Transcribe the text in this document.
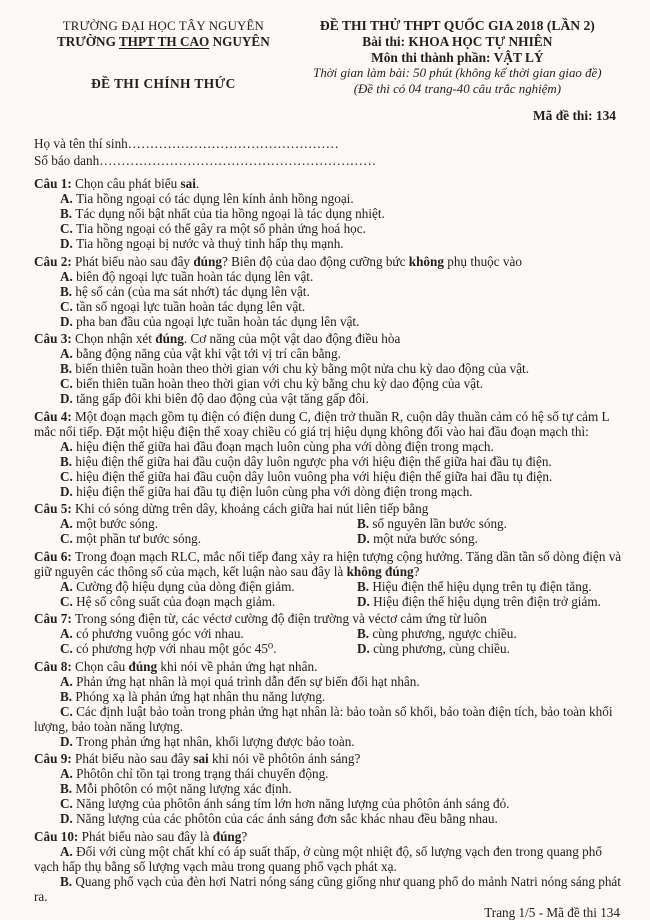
TRƯỜNG ĐẠI HỌC TÂY NGUYÊN
TRƯỜNG THPT TH CAO NGUYÊN
ĐỀ THI CHÍNH THỨC
ĐỀ THI THỬ THPT QUỐC GIA 2018 (LẦN 2)
Bài thi: KHOA HỌC TỰ NHIÊN
Môn thi thành phần: VẬT LÝ
Thời gian làm bài: 50 phút (không kể thời gian giao đề)
(Đề thi có 04 trang-40 câu trắc nghiệm)
Mã đề thi: 134
Họ và tên thí sinh…………………………………………
Số báo danh………………………………………………………
Câu 1: Chọn câu phát biểu sai.
A. Tia hồng ngoại có tác dụng lên kính ảnh hồng ngoại.
B. Tác dụng nổi bật nhất của tia hồng ngoại là tác dụng nhiệt.
C. Tia hồng ngoại có thể gây ra một số phản ứng hoá học.
D. Tia hồng ngoại bị nước và thuỷ tinh hấp thụ mạnh.
Câu 2: Phát biểu nào sau đây đúng? Biên độ của dao động cưỡng bức không phụ thuộc vào
A. biên độ ngoại lực tuần hoàn tác dụng lên vật.
B. hệ số cản (của ma sát nhớt) tác dụng lên vật.
C. tần số ngoại lực tuần hoàn tác dụng lên vật.
D. pha ban đầu của ngoại lực tuần hoàn tác dụng lên vật.
Câu 3: Chọn nhận xét đúng. Cơ năng của một vật dao động điều hòa
A. bằng động năng của vật khi vật tới vị trí cân bằng.
B. biến thiên tuần hoàn theo thời gian với chu kỳ bằng một nửa chu kỳ dao động của vật.
C. biến thiên tuần hoàn theo thời gian với chu kỳ bằng chu kỳ dao động của vật.
D. tăng gấp đôi khi biên độ dao động của vật tăng gấp đôi.
Câu 4: Một đoạn mạch gồm tụ điện có điện dung C, điện trở thuần R, cuộn dây thuần cảm có hệ số tự cảm L mắc nối tiếp. Đặt một hiệu điện thế xoay chiều có giá trị hiệu dụng không đổi vào hai đầu đoạn mạch thì:
A. hiệu điện thế giữa hai đầu đoạn mạch luôn cùng pha với dòng điện trong mạch.
B. hiệu điện thế giữa hai đầu cuộn dây luôn ngược pha với hiệu điện thế giữa hai đầu tụ điện.
C. hiệu điện thế giữa hai đầu cuộn dây luôn vuông pha với hiệu điện thế giữa hai đầu tụ điện.
D. hiệu điện thế giữa hai đầu tụ điện luôn cùng pha với dòng điện trong mạch.
Câu 5: Khi có sóng dừng trên dây, khoảng cách giữa hai nút liên tiếp bằng
A. một bước sóng.	B. số nguyên lần bước sóng.
C. một phần tư bước sóng.	D. một nửa bước sóng.
Câu 6: Trong đoạn mạch RLC, mắc nối tiếp đang xảy ra hiện tượng cộng hưởng. Tăng dần tần số dòng điện và giữ nguyên các thông số của mạch, kết luận nào sau đây là không đúng?
A. Cường độ hiệu dụng của dòng điện giảm.	B. Hiệu điện thế hiệu dụng trên tụ điện tăng.
C. Hệ số công suất của đoạn mạch giảm.	D. Hiệu điện thế hiệu dụng trên điện trở giảm.
Câu 7: Trong sóng điện từ, các véctơ cường độ điện trường và véctơ cảm ứng từ luôn
A. có phương vuông góc với nhau.	B. cùng phương, ngược chiều.
C. có phương hợp với nhau một góc 45⁰.	D. cùng phương, cùng chiều.
Câu 8: Chọn câu đúng khi nói về phản ứng hạt nhân.
A. Phản ứng hạt nhân là mọi quá trình dẫn đến sự biến đổi hạt nhân.
B. Phóng xạ là phản ứng hạt nhân thu năng lượng.
C. Các định luật bảo toàn trong phản ứng hạt nhân là: bảo toàn số khối, bảo toàn điện tích, bảo toàn khối lượng, bảo toàn năng lượng.
D. Trong phản ứng hạt nhân, khối lượng được bảo toàn.
Câu 9: Phát biểu nào sau đây sai khi nói về phôtôn ánh sáng?
A. Phôtôn chỉ tồn tại trong trạng thái chuyển động.
B. Mỗi phôtôn có một năng lượng xác định.
C. Năng lượng của phôtôn ánh sáng tím lớn hơn năng lượng của phôtôn ánh sáng đỏ.
D. Năng lượng của các phôtôn của các ánh sáng đơn sắc khác nhau đều bằng nhau.
Câu 10: Phát biểu nào sau đây là đúng?
A. Đối với cùng một chất khí có áp suất thấp, ở cùng một nhiệt độ, số lượng vạch đen trong quang phổ vạch hấp thụ bằng số lượng vạch màu trong quang phổ vạch phát xạ.
B. Quang phổ vạch của đèn hơi Natri nóng sáng cũng giống như quang phổ do mảnh Natri nóng sáng phát ra.
Trang 1/5 - Mã đề thi 134
